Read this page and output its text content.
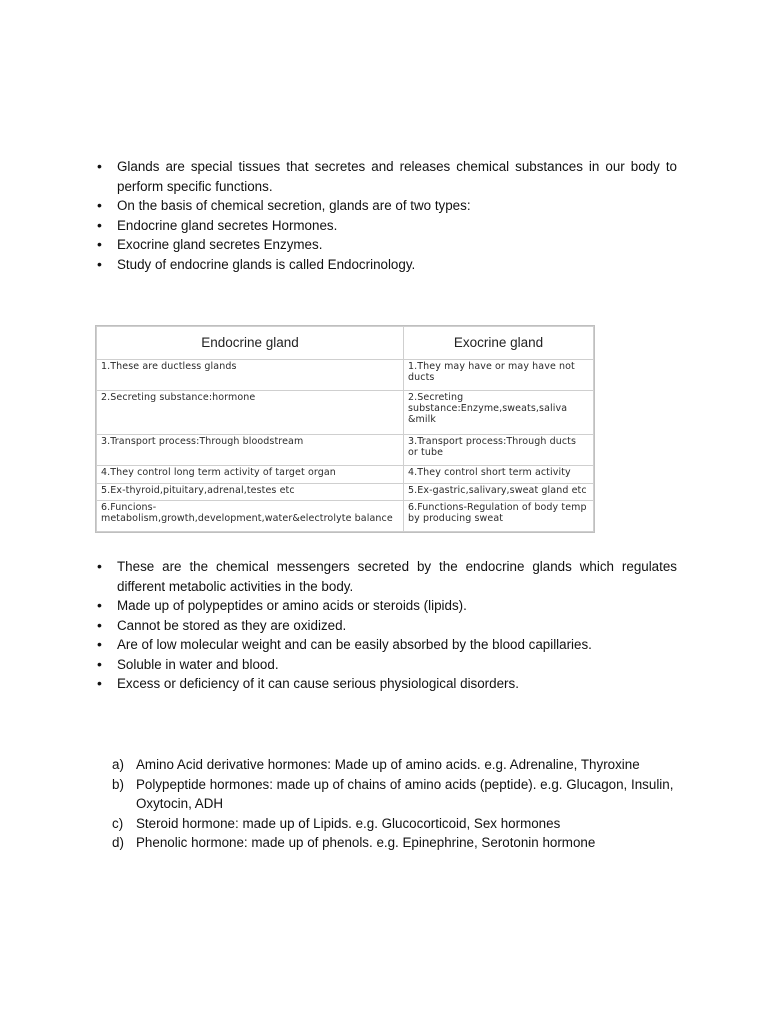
• Glands are special tissues that secretes and releases chemical substances in our body to perform specific functions.
• On the basis of chemical secretion, glands are of two types:
• Endocrine gland secretes Hormones.
• Exocrine gland secretes Enzymes.
• Study of endocrine glands is called Endocrinology.
Endocrine gland	Exocrine gland
1.These are ductless glands	1.They may have or may have not ducts
2.Secreting substance:hormone	2.Secreting substance:Enzyme,sweats,saliva &milk
3.Transport process:Through bloodstream	3.Transport process:Through ducts or tube
4.They control long term activity of target organ	4.They control short term activity
5.Ex-thyroid,pituitary,adrenal,testes etc	5.Ex-gastric,salivary,sweat gland etc
6.Funcions-metabolism,growth,development,water&electrolyte balance	6.Functions-Regulation of body temp by producing sweat
• These are the chemical messengers secreted by the endocrine glands which regulates different metabolic activities in the body.
• Made up of polypeptides or amino acids or steroids (lipids).
• Cannot be stored as they are oxidized.
• Are of low molecular weight and can be easily absorbed by the blood capillaries.
• Soluble in water and blood.
• Excess or deficiency of it can cause serious physiological disorders.
a) Amino Acid derivative hormones: Made up of amino acids. e.g. Adrenaline, Thyroxine
b) Polypeptide hormones: made up of chains of amino acids (peptide). e.g. Glucagon, Insulin, Oxytocin, ADH
c) Steroid hormone: made up of Lipids. e.g. Glucocorticoid, Sex hormones
d) Phenolic hormone: made up of phenols. e.g. Epinephrine, Serotonin hormone
